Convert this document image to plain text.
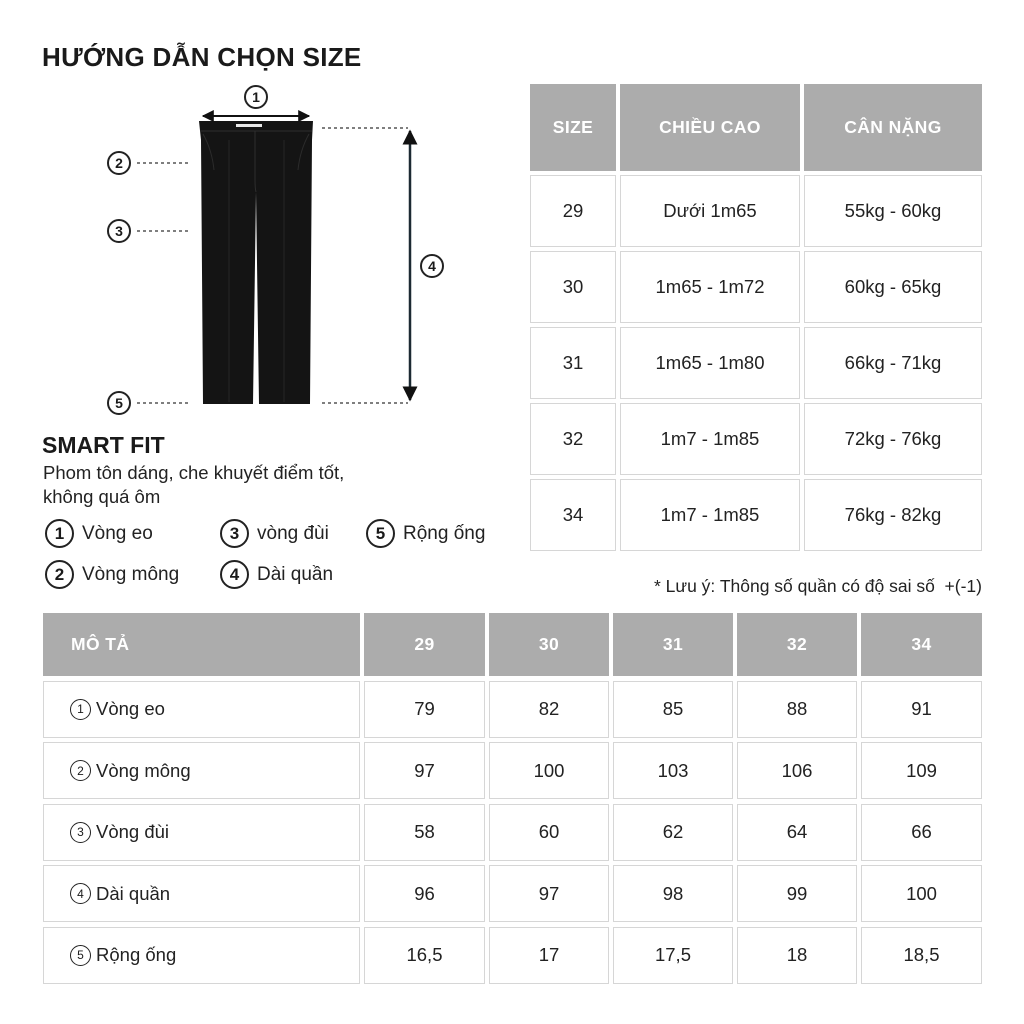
HƯỚNG DẪN CHỌN SIZE
1
2
3
4
5
SMART FIT
Phom tôn dáng, che khuyết điểm tốt,
không quá ôm
1 Vòng eo	3 vòng đùi	5 Rộng ống
2 Vòng mông	4 Dài quần
SIZE	CHIỀU CAO	CÂN NẶNG
29	Dưới 1m65	55kg - 60kg
30	1m65 - 1m72	60kg - 65kg
31	1m65 - 1m80	66kg - 71kg
32	1m7 - 1m85	72kg - 76kg
34	1m7 - 1m85	76kg - 82kg
* Lưu ý: Thông số quần có độ sai số  +(-1)
MÔ TẢ	29	30	31	32	34
1 Vòng eo	79	82	85	88	91
2 Vòng mông	97	100	103	106	109
3 Vòng đùi	58	60	62	64	66
4 Dài quần	96	97	98	99	100
5 Rộng ống	16,5	17	17,5	18	18,5
